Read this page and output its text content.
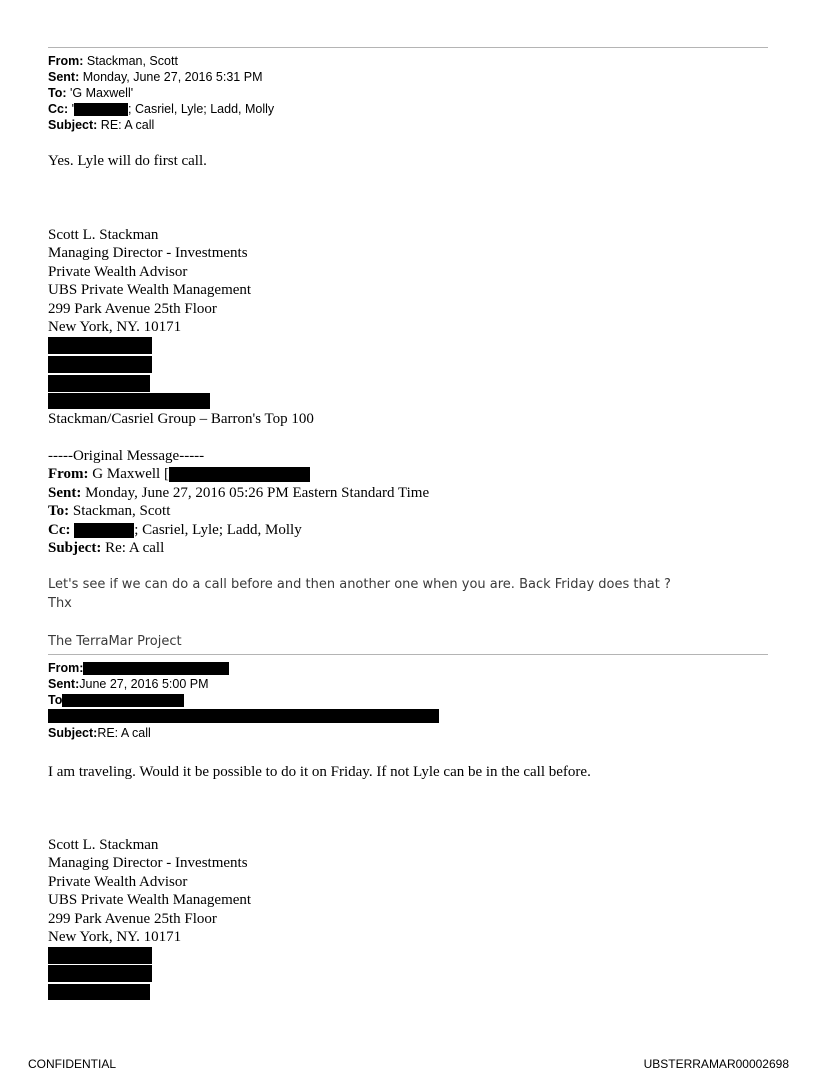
From: Stackman, Scott
Sent: Monday, June 27, 2016 5:31 PM
To: 'G Maxwell'
Cc: '	; Casriel, Lyle; Ladd, Molly
Subject: RE: A call
Yes. Lyle will do first call.
Scott L. Stackman
Managing Director - Investments
Private Wealth Advisor
UBS Private Wealth Management
299 Park Avenue 25th Floor
New York, NY. 10171
Stackman/Casriel Group – Barron's Top 100
-----Original Message-----
From: G Maxwell [
Sent: Monday, June 27, 2016 05:26 PM Eastern Standard Time
To: Stackman, Scott
Cc:	; Casriel, Lyle; Ladd, Molly
Subject: Re: A call
Let's see if we can do a call before and then another one when you are. Back Friday does that ?
Thx
The TerraMar Project
From:
Sent:June 27, 2016 5:00 PM
To
Subject:RE: A call
I am traveling. Would it be possible to do it on Friday. If not Lyle can be in the call before.
Scott L. Stackman
Managing Director - Investments
Private Wealth Advisor
UBS Private Wealth Management
299 Park Avenue 25th Floor
New York, NY. 10171
CONFIDENTIAL	UBSTERRAMAR00002698
